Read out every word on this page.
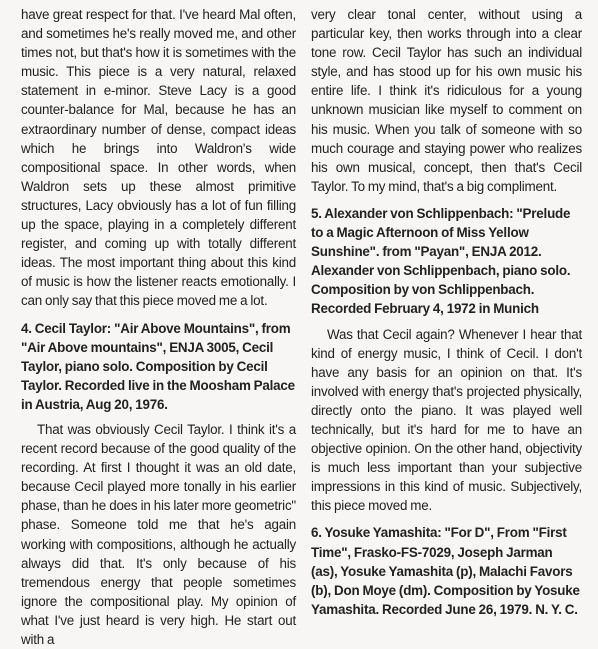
have great respect for that. I've heard Mal often, and sometimes he's really moved me, and other times not, but that's how it is sometimes with the music. This piece is a very natural, relaxed statement in e-minor. Steve Lacy is a good counter-balance for Mal, because he has an extraordinary number of dense, compact ideas which he brings into Waldron's wide compositional space. In other words, when Waldron sets up these almost primitive structures, Lacy obviously has a lot of fun filling up the space, playing in a completely different register, and coming up with totally different ideas. The most important thing about this kind of music is how the listener reacts emotionally. I can only say that this piece moved me a lot.

4. Cecil Taylor: "Air Above Mountains", from "Air Above mountains", ENJA 3005, Cecil Taylor, piano solo. Composition by Cecil Taylor. Recorded live in the Moosham Palace in Austria, Aug 20, 1976.

That was obviously Cecil Taylor. I think it's a recent record because of the good quality of the recording. At first I thought it was an old date, because Cecil played more tonally in his earlier phase, than he does in his later more geometric" phase. Someone told me that he's again working with compositions, although he actually always did that. It's only because of his tremendous energy that people sometimes ignore the compositional play. My opinion of what I've just heard is very high. He start out with a

very clear tonal center, without using a particular key, then works through into a clear tone row. Cecil Taylor has such an individual style, and has stood up for his own music his entire life. I think it's ridiculous for a young unknown musician like myself to comment on his music. When you talk of someone with so much courage and staying power who realizes his own musical, concept, then that's Cecil Taylor. To my mind, that's a big compliment.

5. Alexander von Schlippenbach: "Prelude to a Magic Afternoon of Miss Yellow Sunshine". from "Payan", ENJA 2012. Alexander von Schlippenbach, piano solo. Composition by von Schlippenbach. Recorded February 4, 1972 in Munich

Was that Cecil again? Whenever I hear that kind of energy music, I think of Cecil. I don't have any basis for an opinion on that. It's involved with energy that's projected physically, directly onto the piano. It was played well technically, but it's hard for me to have an objective opinion. On the other hand, objectivity is much less important than your subjective impressions in this kind of music. Subjectively, this piece moved me.

6. Yosuke Yamashita: "For D", From "First Time", Frasko-FS-7029, Joseph Jarman (as), Yosuke Yamashita (p), Malachi Favors (b), Don Moye (dm). Composition by Yosuke Yamashita. Recorded June 26, 1979. N. Y. C.
